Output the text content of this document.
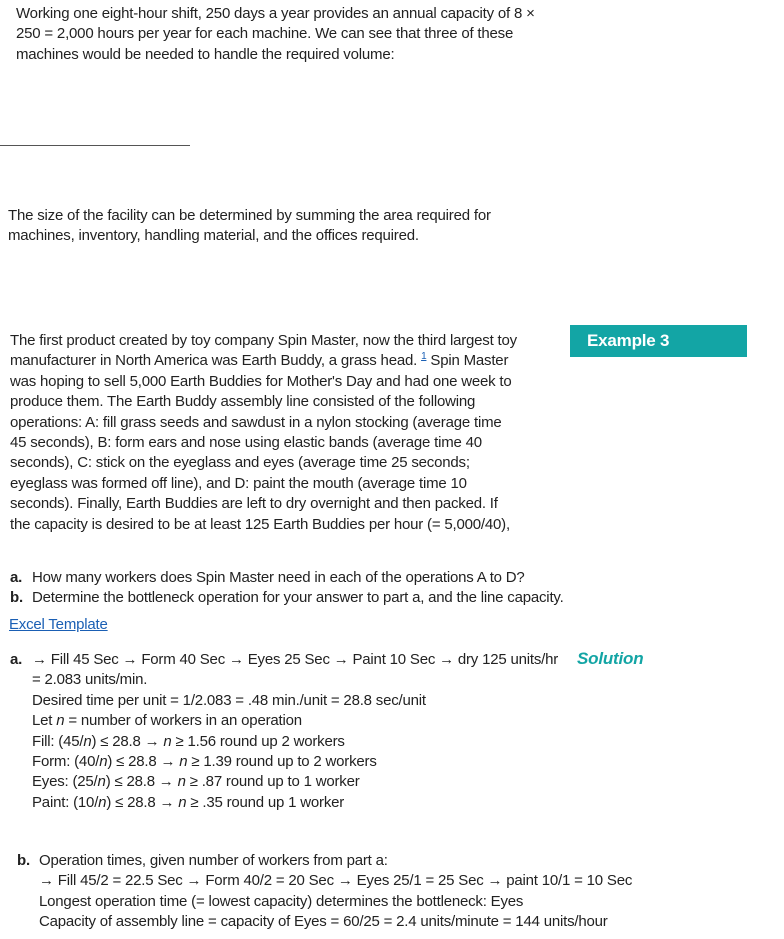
Working one eight-hour shift, 250 days a year provides an annual capacity of 8 × 250 = 2,000 hours per year for each machine. We can see that three of these machines would be needed to handle the required volume:

The size of the facility can be determined by summing the area required for machines, inventory, handling material, and the offices required.

Example 3

The first product created by toy company Spin Master, now the third largest toy manufacturer in North America was Earth Buddy, a grass head. $^1$ Spin Master was hoping to sell 5,000 Earth Buddies for Mother's Day and had one week to produce them. The Earth Buddy assembly line consisted of the following operations: A: fill grass seeds and sawdust in a nylon stocking (average time 45 seconds), B: form ears and nose using elastic bands (average time 40 seconds), C: stick on the eyeglass and eyes (average time 25 seconds; eyeglass was formed off line), and D: paint the mouth (average time 10 seconds). Finally, Earth Buddies are left to dry overnight and then packed. If the capacity is desired to be at least 125 Earth Buddies per hour (= 5,000/40),

a. How many workers does Spin Master need in each of the operations A to D?
b. Determine the bottleneck operation for your answer to part a, and the line capacity.
Excel Template
Solution
a. → Fill 45 Sec → Form 40 Sec → Eyes 25 Sec → Paint 10 Sec → dry 125 units/hr = 2.083 units/min.
Desired time per unit = 1/2.083 = .48 min./unit = 28.8 sec/unit
Let n = number of workers in an operation
Fill: (45/n) ≤ 28.8 → n ≥ 1.56 round up 2 workers
Form: (40/n) ≤ 28.8 → n ≥ 1.39 round up to 2 workers
Eyes: (25/n) ≤ 28.8 → n ≥ .87 round up to 1 worker
Paint: (10/n) ≤ 28.8 → n ≥ .35 round up 1 worker
b. Operation times, given number of workers from part a:
→ Fill 45/2 = 22.5 Sec → Form 40/2 = 20 Sec → Eyes 25/1 = 25 Sec → paint 10/1 = 10 Sec
Longest operation time (= lowest capacity) determines the bottleneck: Eyes
Capacity of assembly line = capacity of Eyes = 60/25 = 2.4 units/minute = 144 units/hour
